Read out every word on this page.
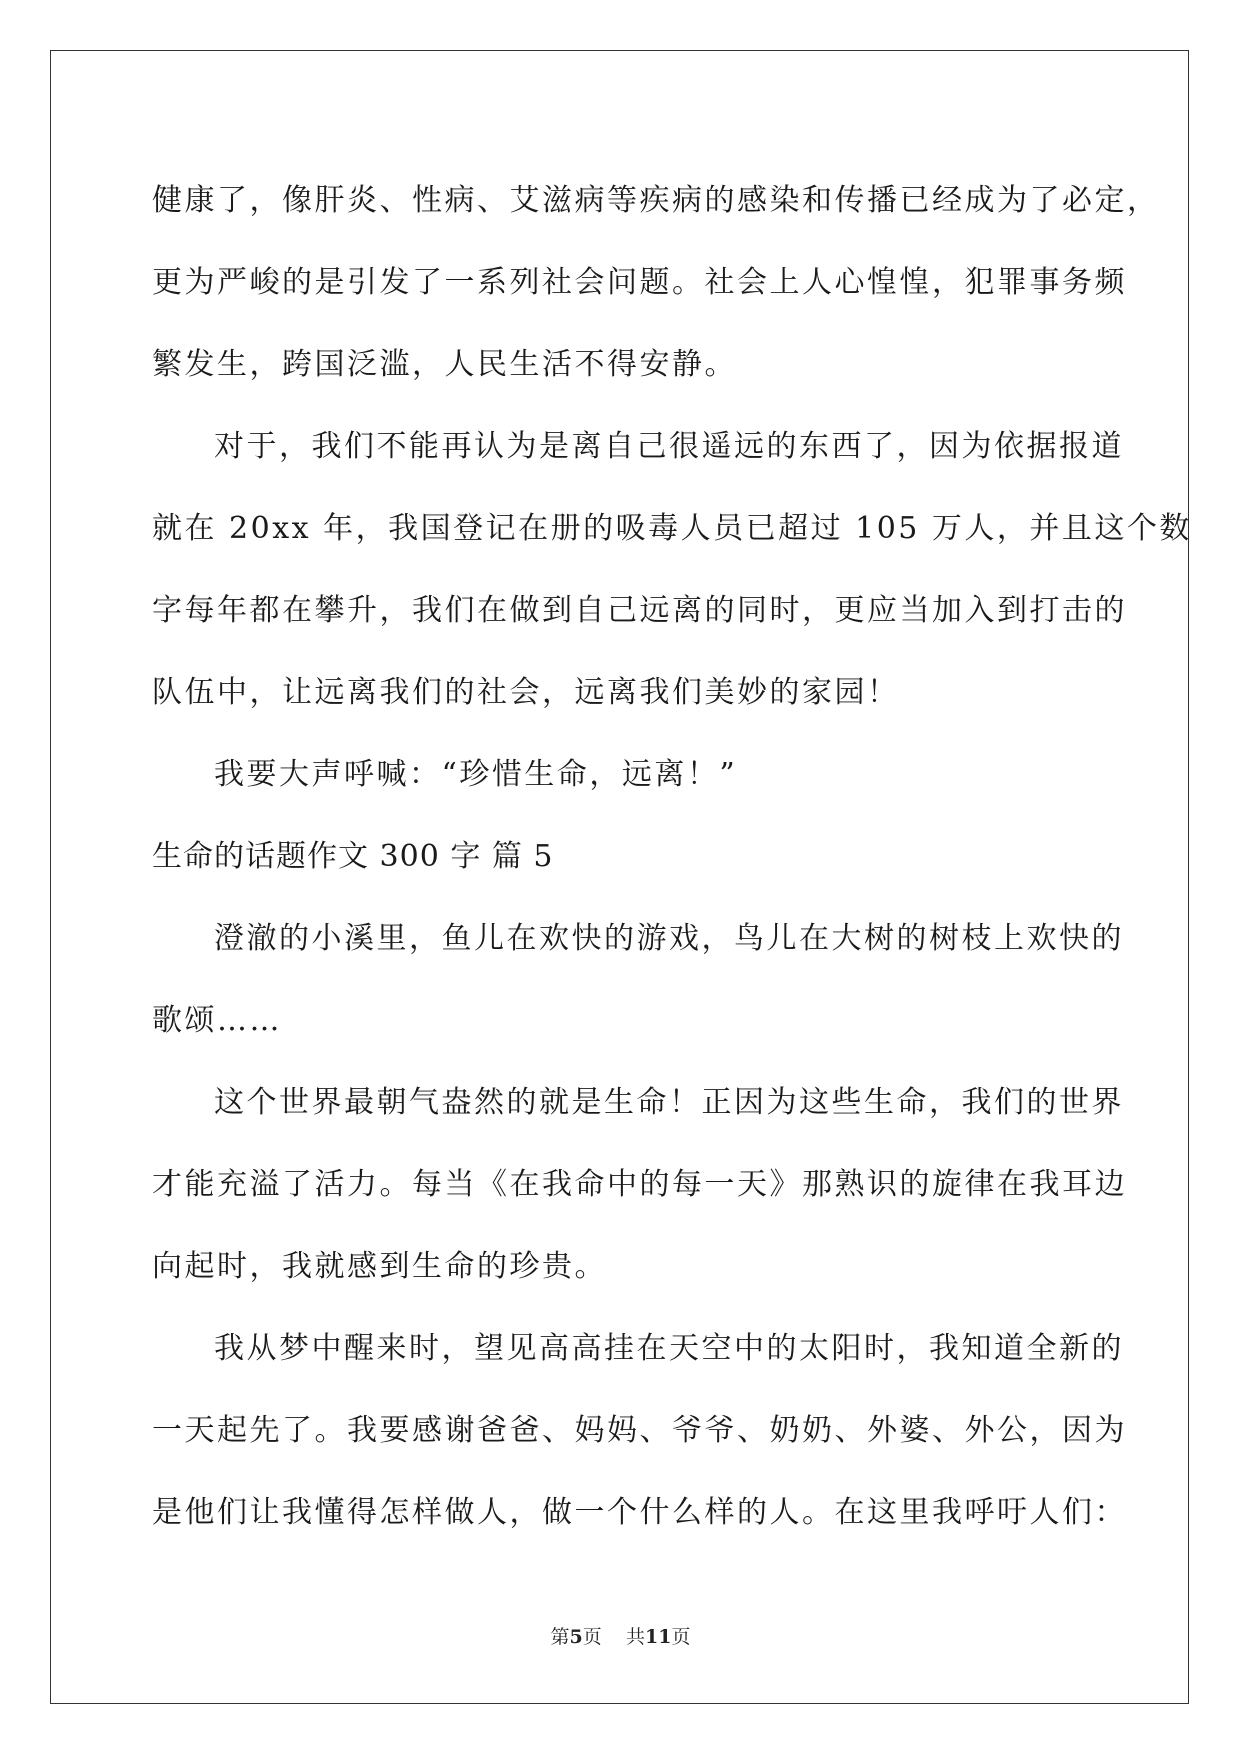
健康了，像肝炎、性病、艾滋病等疾病的感染和传播已经成为了必定，
更为严峻的是引发了一系列社会问题。社会上人心惶惶，犯罪事务频
繁发生，跨国泛滥，人民生活不得安静。
对于，我们不能再认为是离自己很遥远的东西了，因为依据报道
就在 20xx 年，我国登记在册的吸毒人员已超过 105 万人，并且这个数
字每年都在攀升，我们在做到自己远离的同时，更应当加入到打击的
队伍中，让远离我们的社会，远离我们美妙的家园！
我要大声呼喊：“珍惜生命，远离！”
生命的话题作文 300 字 篇 5
澄澈的小溪里，鱼儿在欢快的游戏，鸟儿在大树的树枝上欢快的
歌颂……
这个世界最朝气盎然的就是生命！正因为这些生命，我们的世界
才能充溢了活力。每当《在我命中的每一天》那熟识的旋律在我耳边
向起时，我就感到生命的珍贵。
我从梦中醒来时，望见高高挂在天空中的太阳时，我知道全新的
一天起先了。我要感谢爸爸、妈妈、爷爷、奶奶、外婆、外公，因为
是他们让我懂得怎样做人，做一个什么样的人。在这里我呼吁人们：
第5页 共11页
